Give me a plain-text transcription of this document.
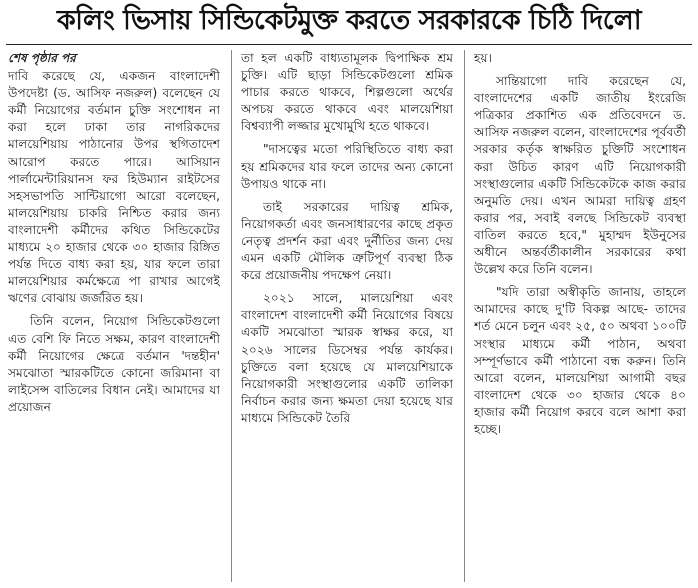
কলিং ভিসায় সিন্ডিকেটমুক্ত করতে সরকারকে চিঠি দিলো
শেষ পৃষ্ঠার পর

দাবি করেছে যে, একজন বাংলাদেশী উপদেষ্টা (ড. আসিফ নজরুল) বলেছেন যে কর্মী নিয়োগের বর্তমান চুক্তি সংশোধন না করা হলে ঢাকা তার নাগরিকদের মালয়েশিয়ায় পাঠানোর উপর স্থগিতাদেশ আরোপ করতে পারে। আসিয়ান পার্লামেন্টারিয়ানস ফর হিউম্যান রাইটসের সহসভাপতি সান্টিয়াগো আরো বলেছেন, মালয়েশিয়ায় চাকরি নিশ্চিত করার জন্য বাংলাদেশী কর্মীদের কথিত সিন্ডিকেটের মাধ্যমে ২০ হাজার থেকে ৩০ হাজার রিঙ্গিত পর্যন্ত দিতে বাধ্য করা হয়, যার ফলে তারা মালয়েশিয়ার কর্মক্ষেত্রে পা রাখার আগেই ঋণের বোঝায় জর্জরিত হয়।

তিনি বলেন, নিয়োগ সিন্ডিকেটগুলো এত বেশি ফি নিতে সক্ষম, কারণ বাংলাদেশী কর্মী নিয়োগের ক্ষেত্রে বর্তমান 'দন্তহীন' সমঝোতা স্মারকটিতে কোনো জরিমানা বা লাইসেন্স বাতিলের বিধান নেই। আমাদের যা প্রয়োজন

তা হল একটি বাধ্যতামূলক দ্বিপাক্ষিক শ্রম চুক্তি। এটি ছাড়া সিন্ডিকেটগুলো শ্রমিক পাচার করতে থাকবে, শিল্পগুলো অর্থের অপচয় করতে থাকবে এবং মালয়েশিয়া বিশ্বব্যাপী লজ্জার মুখোমুখি হতে থাকবে।

"দাসত্বের মতো পরিস্থিতিতে বাধ্য করা হয় শ্রমিকদের যার ফলে তাদের অন্য কোনো উপায়ও থাকে না।

তাই সরকারের দায়িত্ব শ্রমিক, নিয়োগকর্তা এবং জনসাধারণের কাছে প্রকৃত নেতৃত্ব প্রদর্শন করা এবং দুর্নীতির জন্য দেয় এমন একটি মৌলিক ত্রুটিপূর্ণ ব্যবস্থা ঠিক করে প্রয়োজনীয় পদক্ষেপ নেয়া।

২০২১ সালে, মালয়েশিয়া এবং বাংলাদেশ বাংলাদেশী কর্মী নিয়োগের বিষয়ে একটি সমঝোতা স্মারক স্বাক্ষর করে, যা ২০২৬ সালের ডিসেম্বর পর্যন্ত কার্যকর। চুক্তিতে বলা হয়েছে যে মালয়েশিয়াকে নিয়োগকারী সংস্থাগুলোর একটি তালিকা নির্বাচন করার জন্য ক্ষমতা দেয়া হয়েছে যার মাধ্যমে সিন্ডিকেট তৈরি

হয়।

সান্তিয়াগো দাবি করেছেন যে, বাংলাদেশের একটি জাতীয় ইংরেজি পত্রিকার প্রকাশিত এক প্রতিবেদনে ড. আসিফ নজরুল বলেন, বাংলাদেশের পূর্ববর্তী সরকার কর্তৃক স্বাক্ষরিত চুক্তিটি সংশোধন করা উচিত কারণ এটি নিয়োগকারী সংস্থাগুলোর একটি সিন্ডিকেটকে কাজ করার অনুমতি দেয়। এখন আমরা দায়িত্ব গ্রহণ করার পর, সবাই বলছে সিন্ডিকেট ব্যবস্থা বাতিল করতে হবে," মুহাম্মদ ইউনুসের অধীনে অন্তর্বর্তীকালীন সরকারের কথা উল্লেখ করে তিনি বলেন।

"যদি তারা অস্বীকৃতি জানায়, তাহলে আমাদের কাছে দু'টি বিকল্প আছে- তাদের শর্ত মেনে চলুন এবং ২৫, ৫০ অথবা ১০০টি সংস্থার মাধ্যমে কর্মী পাঠান, অথবা সম্পূর্ণভাবে কর্মী পাঠানো বন্ধ করুন। তিনি আরো বলেন, মালয়েশিয়া আগামী বছর বাংলাদেশ থেকে ৩০ হাজার থেকে ৪০ হাজার কর্মী নিয়োগ করবে বলে আশা করা হচ্ছে।
